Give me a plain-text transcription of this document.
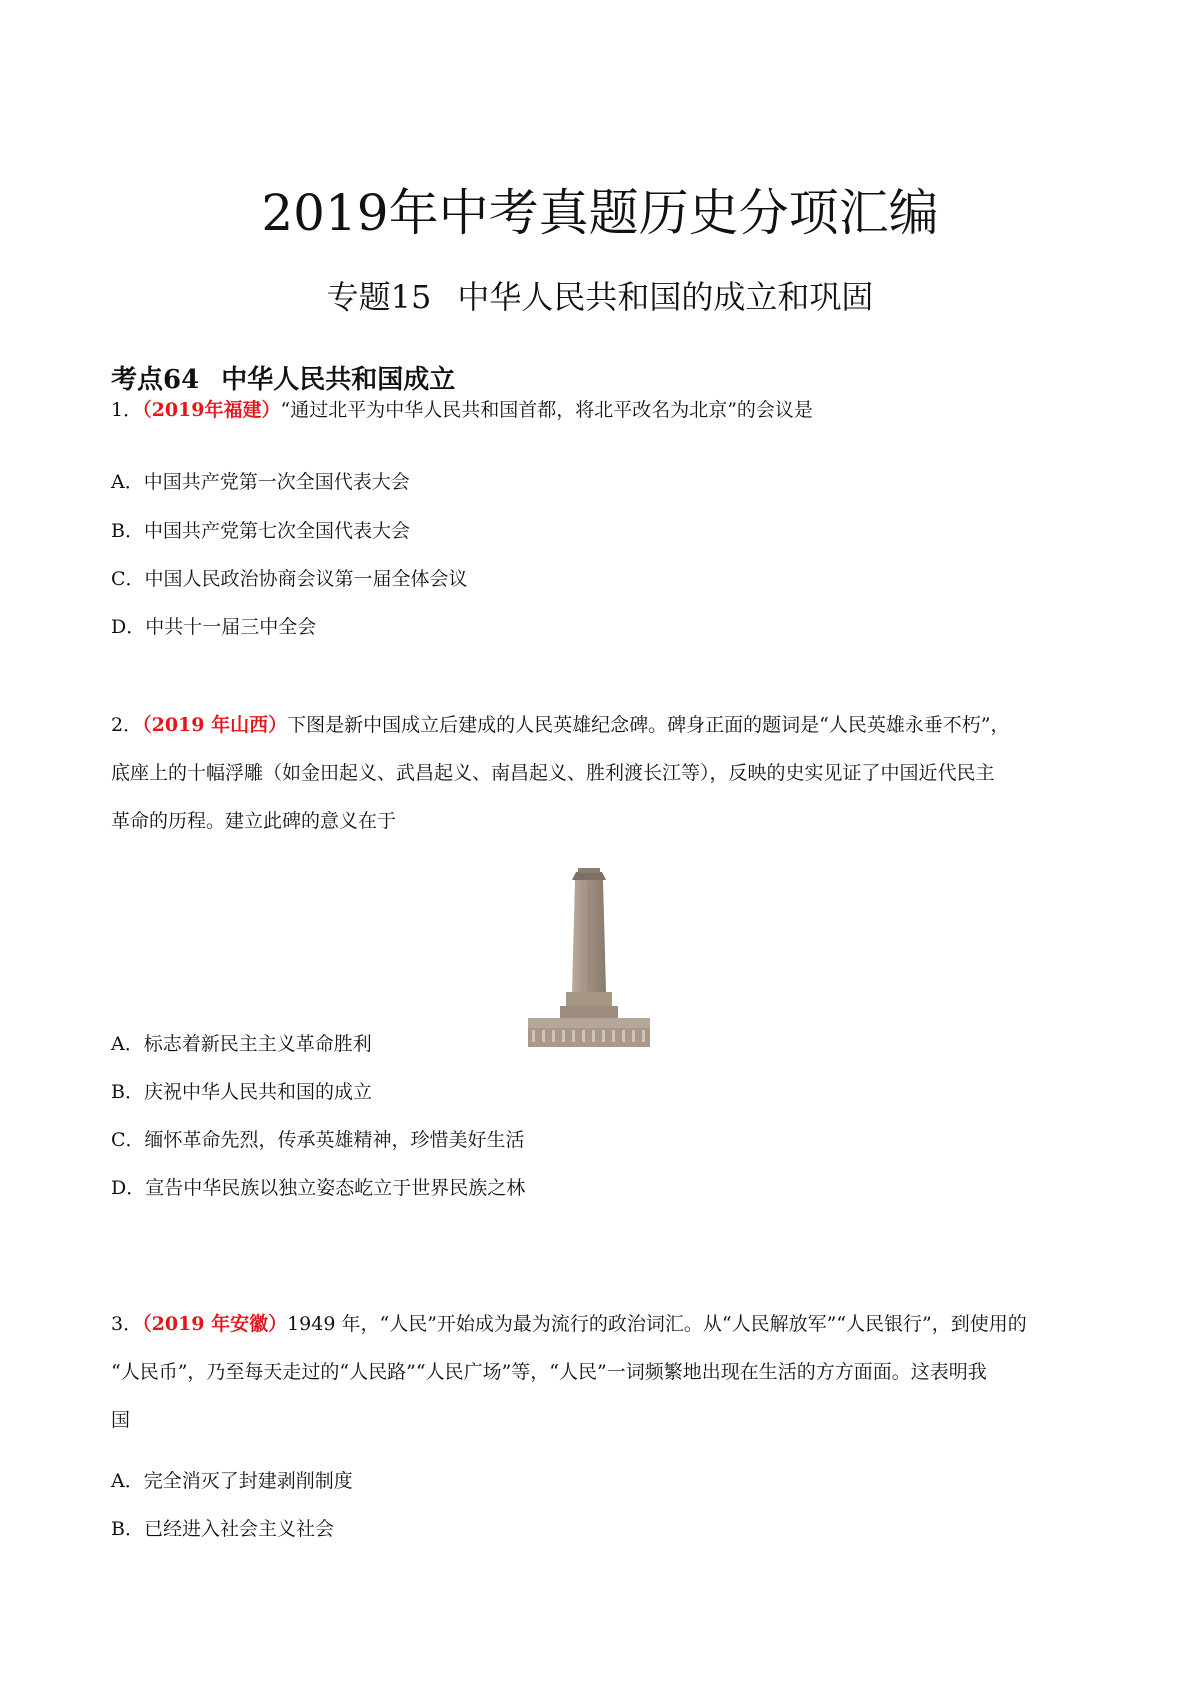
2019年中考真题历史分项汇编
专题15 中华人民共和国的成立和巩固
考点64 中华人民共和国成立
1．（2019年福建）“通过北平为中华人民共和国首都，将北平改名为北京”的会议是
A．中国共产党第一次全国代表大会
B．中国共产党第七次全国代表大会
C．中国人民政治协商会议第一届全体会议
D．中共十一届三中全会
2．（2019 年山西）下图是新中国成立后建成的人民英雄纪念碑。碑身正面的题词是“人民英雄永垂不朽”，
底座上的十幅浮雕（如金田起义、武昌起义、南昌起义、胜利渡长江等），反映的史实见证了中国近代民主
革命的历程。建立此碑的意义在于
A．标志着新民主主义革命胜利
B．庆祝中华人民共和国的成立
C．缅怀革命先烈，传承英雄精神，珍惜美好生活
D．宣告中华民族以独立姿态屹立于世界民族之林
3．（2019 年安徽）1949 年，“人民”开始成为最为流行的政治词汇。从“人民解放军”“人民银行”，到使用的
“人民币”，乃至每天走过的“人民路”“人民广场”等，“人民”一词频繁地出现在生活的方方面面。这表明我
国
A．完全消灭了封建剥削制度
B．已经进入社会主义社会
